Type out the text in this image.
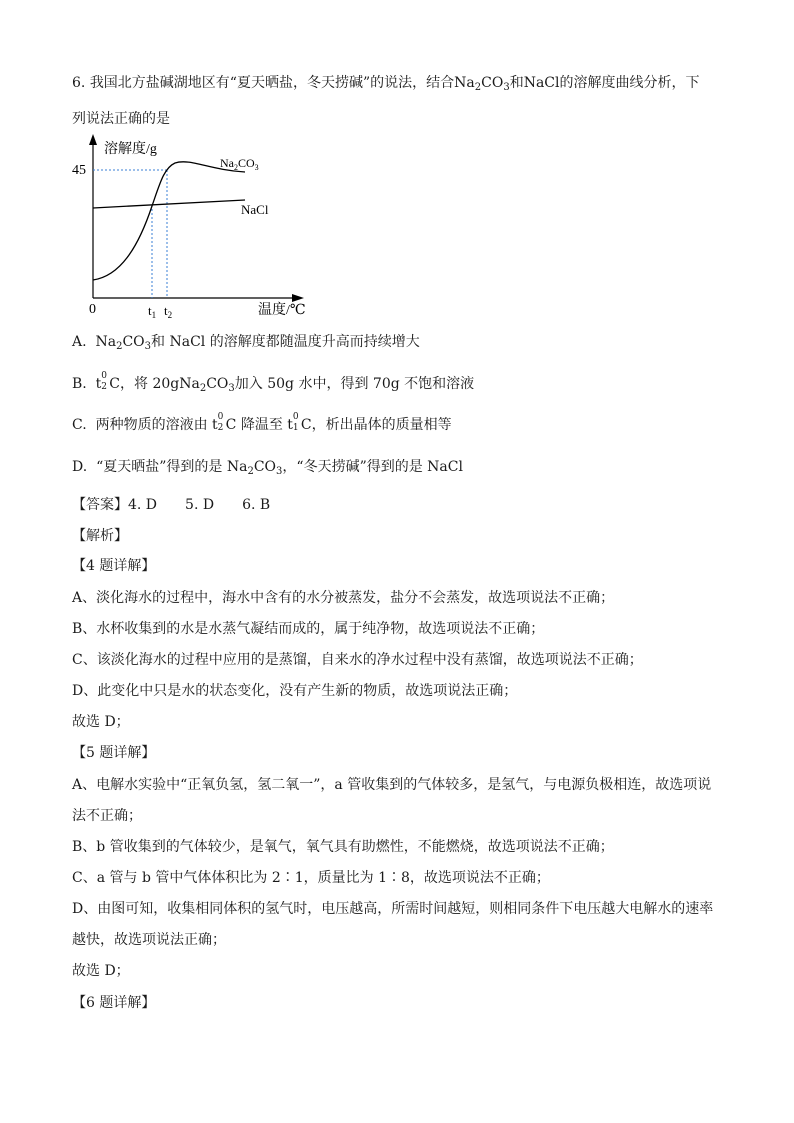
6. 我国北方盐碱湖地区有“夏天晒盐，冬天捞碱”的说法，结合$Na_2CO_3$和NaCl的溶解度曲线分析，下
列说法正确的是
溶解度/g
温度/℃
0
45
$t_1$ $t_2$
$Na_2CO_3$
NaCl
A. $Na_2CO_3$和 NaCl 的溶解度都随温度升高而持续增大
B. t 0
2 C，将 $20gNa_2CO_3$加入 50g 水中，得到 70g 不饱和溶液
C. 两种物质的溶液由 t 0
2 C 降温至 t 0
1 C，析出晶体的质量相等
D. “夏天晒盐”得到的是 $Na_2CO_3$，“冬天捞碱”得到的是 NaCl
【答案】4. D　　5. D　　6. B
【解析】
【4 题详解】
A、淡化海水的过程中，海水中含有的水分被蒸发，盐分不会蒸发，故选项说法不正确；
B、水杯收集到的水是水蒸气凝结而成的，属于纯净物，故选项说法不正确；
C、该淡化海水的过程中应用的是蒸馏，自来水的净水过程中没有蒸馏，故选项说法不正确；
D、此变化中只是水的状态变化，没有产生新的物质，故选项说法正确；
故选 D；
【5 题详解】
A、电解水实验中“正氧负氢，氢二氧一”，a 管收集到的气体较多，是氢气，与电源负极相连，故选项说
法不正确；
B、b 管收集到的气体较少，是氧气，氧气具有助燃性，不能燃烧，故选项说法不正确；
C、a 管与 b 管中气体体积比为 2∶1，质量比为 1∶8，故选项说法不正确；
D、由图可知，收集相同体积的氢气时，电压越高，所需时间越短，则相同条件下电压越大电解水的速率
越快，故选项说法正确；
故选 D；
【6 题详解】
